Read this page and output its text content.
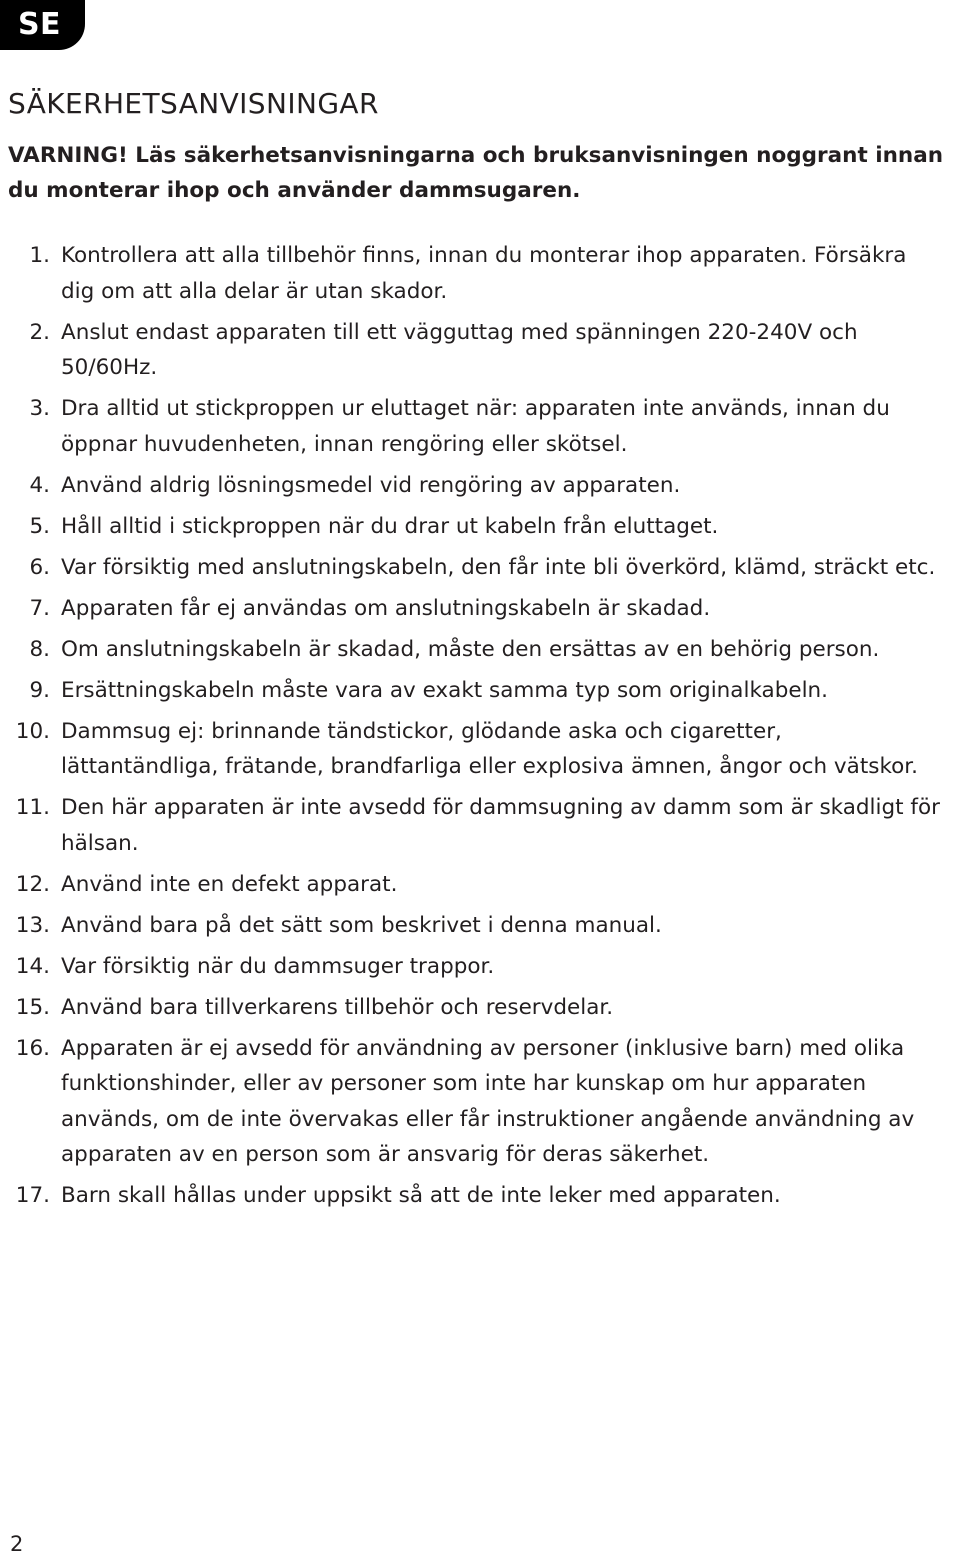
SE
SÄKERHETSANVISNINGAR

VARNING! Läs säkerhetsanvisningarna och bruksanvisningen noggrant innan du monterar ihop och använder dammsugaren.

1. Kontrollera att alla tillbehör finns, innan du monterar ihop apparaten. Försäkra dig om att alla delar är utan skador.
2. Anslut endast apparaten till ett vägguttag med spänningen 220-240V och 50/60Hz.
3. Dra alltid ut stickproppen ur eluttaget när: apparaten inte används, innan du öppnar huvudenheten, innan rengöring eller skötsel.
4. Använd aldrig lösningsmedel vid rengöring av apparaten.
5. Håll alltid i stickproppen när du drar ut kabeln från eluttaget.
6. Var försiktig med anslutningskabeln, den får inte bli överkörd, klämd, sträckt etc.
7. Apparaten får ej användas om anslutningskabeln är skadad.
8. Om anslutningskabeln är skadad, måste den ersättas av en behörig person.
9. Ersättningskabeln måste vara av exakt samma typ som originalkabeln.
10. Dammsug ej: brinnande tändstickor, glödande aska och cigaretter, lättantändliga, frätande, brandfarliga eller explosiva ämnen, ångor och vätskor.
11. Den här apparaten är inte avsedd för dammsugning av damm som är skadligt för hälsan.
12. Använd inte en defekt apparat.
13. Använd bara på det sätt som beskrivet i denna manual.
14. Var försiktig när du dammsuger trappor.
15. Använd bara tillverkarens tillbehör och reservdelar.
16. Apparaten är ej avsedd för användning av personer (inklusive barn) med olika funktionshinder, eller av personer som inte har kunskap om hur apparaten används, om de inte övervakas eller får instruktioner angående användning av apparaten av en person som är ansvarig för deras säkerhet.
17. Barn skall hållas under uppsikt så att de inte leker med apparaten.
2
